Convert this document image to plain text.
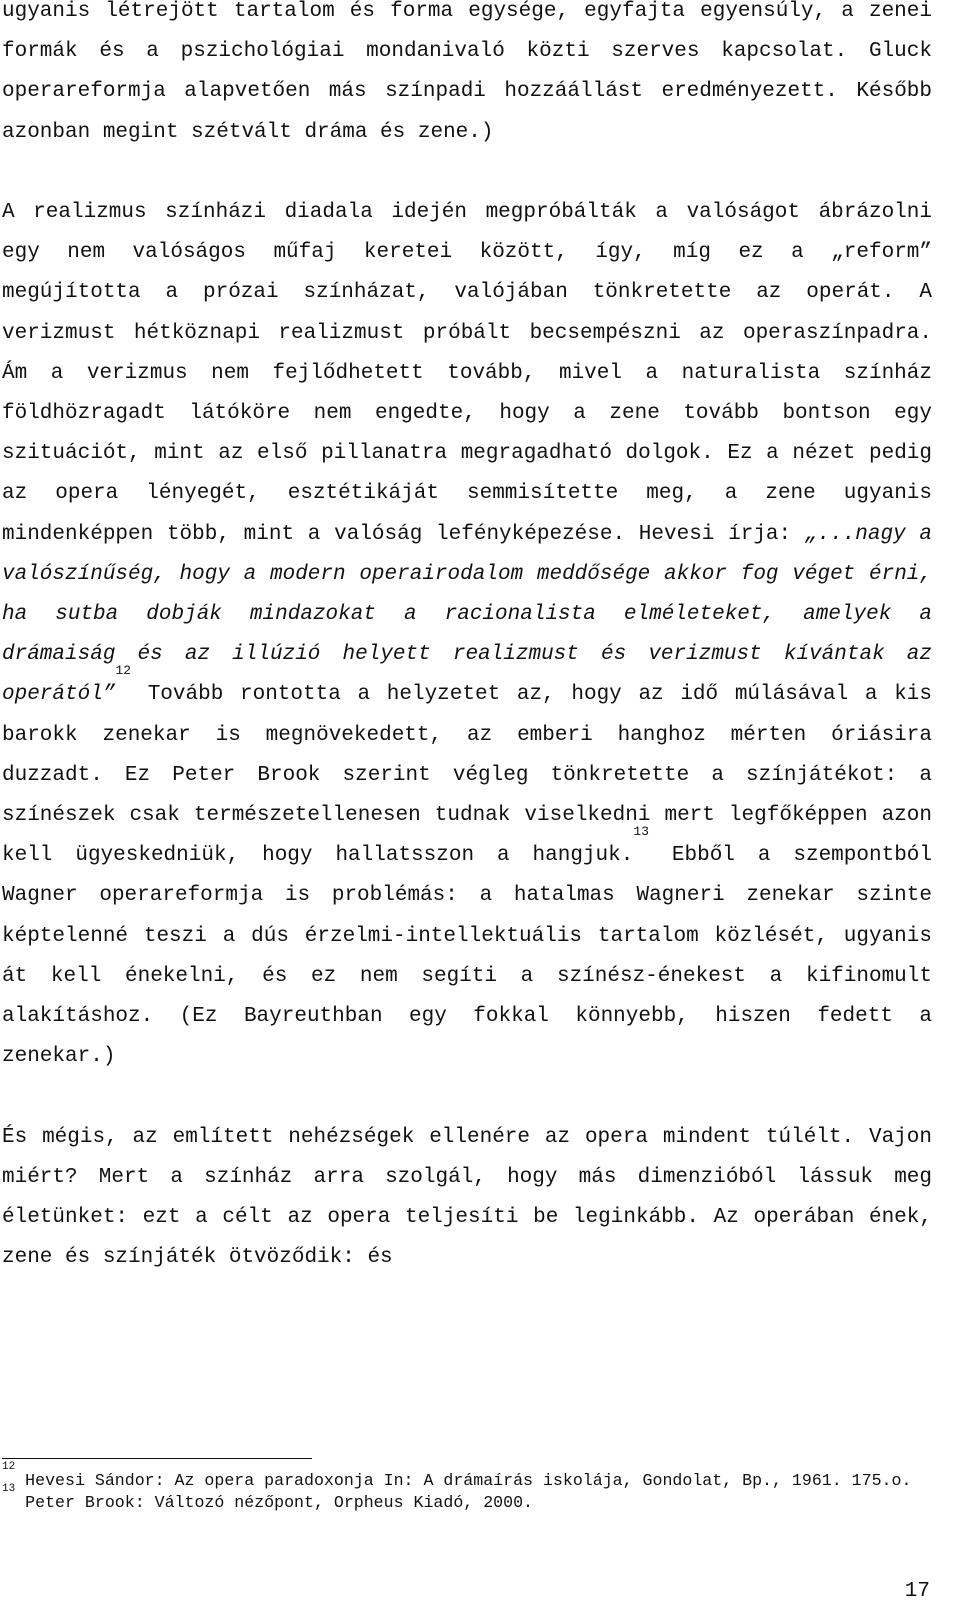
ugyanis létrejött tartalom és forma egysége, egyfajta egyensúly, a zenei formák és a pszichológiai mondanivaló közti szerves kapcsolat. Gluck operareformja alapvetően más színpadi hozzáállást eredményezett. Később azonban megint szétvált dráma és zene.)

A realizmus színházi diadala idején megpróbálták a valóságot ábrázolni egy nem valóságos műfaj keretei között, így, míg ez a „reform” megújította a prózai színházat, valójában tönkretette az operát. A verizmust hétköznapi realizmust próbált becsempészni az operaszínpadra. Ám a verizmus nem fejlődhetett tovább, mivel a naturalista színház földhözragadt látóköre nem engedte, hogy a zene tovább bontson egy szituációt, mint az első pillanatra megragadható dolgok. Ez a nézet pedig az opera lényegét, esztétikáját semmisítette meg, a zene ugyanis mindenképpen több, mint a valóság lefényképezése. Hevesi írja: „...nagy a valószínűség, hogy a modern operairodalom meddősége akkor fog véget érni, ha sutba dobják mindazokat a racionalista elméleteket, amelyek a drámaiság és az illúzió helyett realizmust és verizmust kívántak az operától”$^{12}$ Tovább rontotta a helyzetet az, hogy az idő múlásával a kis barokk zenekar is megnövekedett, az emberi hanghoz mérten óriásira duzzadt. Ez Peter Brook szerint végleg tönkretette a színjátékot: a színészek csak természetellenesen tudnak viselkedni mert legfőképpen azon kell ügyeskedniük, hogy hallatsszon a hangjuk.$^{13}$ Ebből a szempontból Wagner operareformja is problémás: a hatalmas Wagneri zenekar szinte képtelenné teszi a dús érzelmi-intellektuális tartalom közlését, ugyanis át kell énekelni, és ez nem segíti a színész-énekest a kifinomult alakításhoz. (Ez Bayreuthban egy fokkal könnyebb, hiszen fedett a zenekar.)

És mégis, az említett nehézségek ellenére az opera mindent túlélt. Vajon miért? Mert a színház arra szolgál, hogy más dimenzióból lássuk meg életünket: ezt a célt az opera teljesíti be leginkább. Az operában ének, zene és színjáték ötvöződik: és

$^{12}$ Hevesi Sándor: Az opera paradoxonja In: A drámaírás iskolája, Gondolat, Bp., 1961. 175.o.

$^{13}$ Peter Brook: Változó nézőpont, Orpheus Kiadó, 2000.

17
